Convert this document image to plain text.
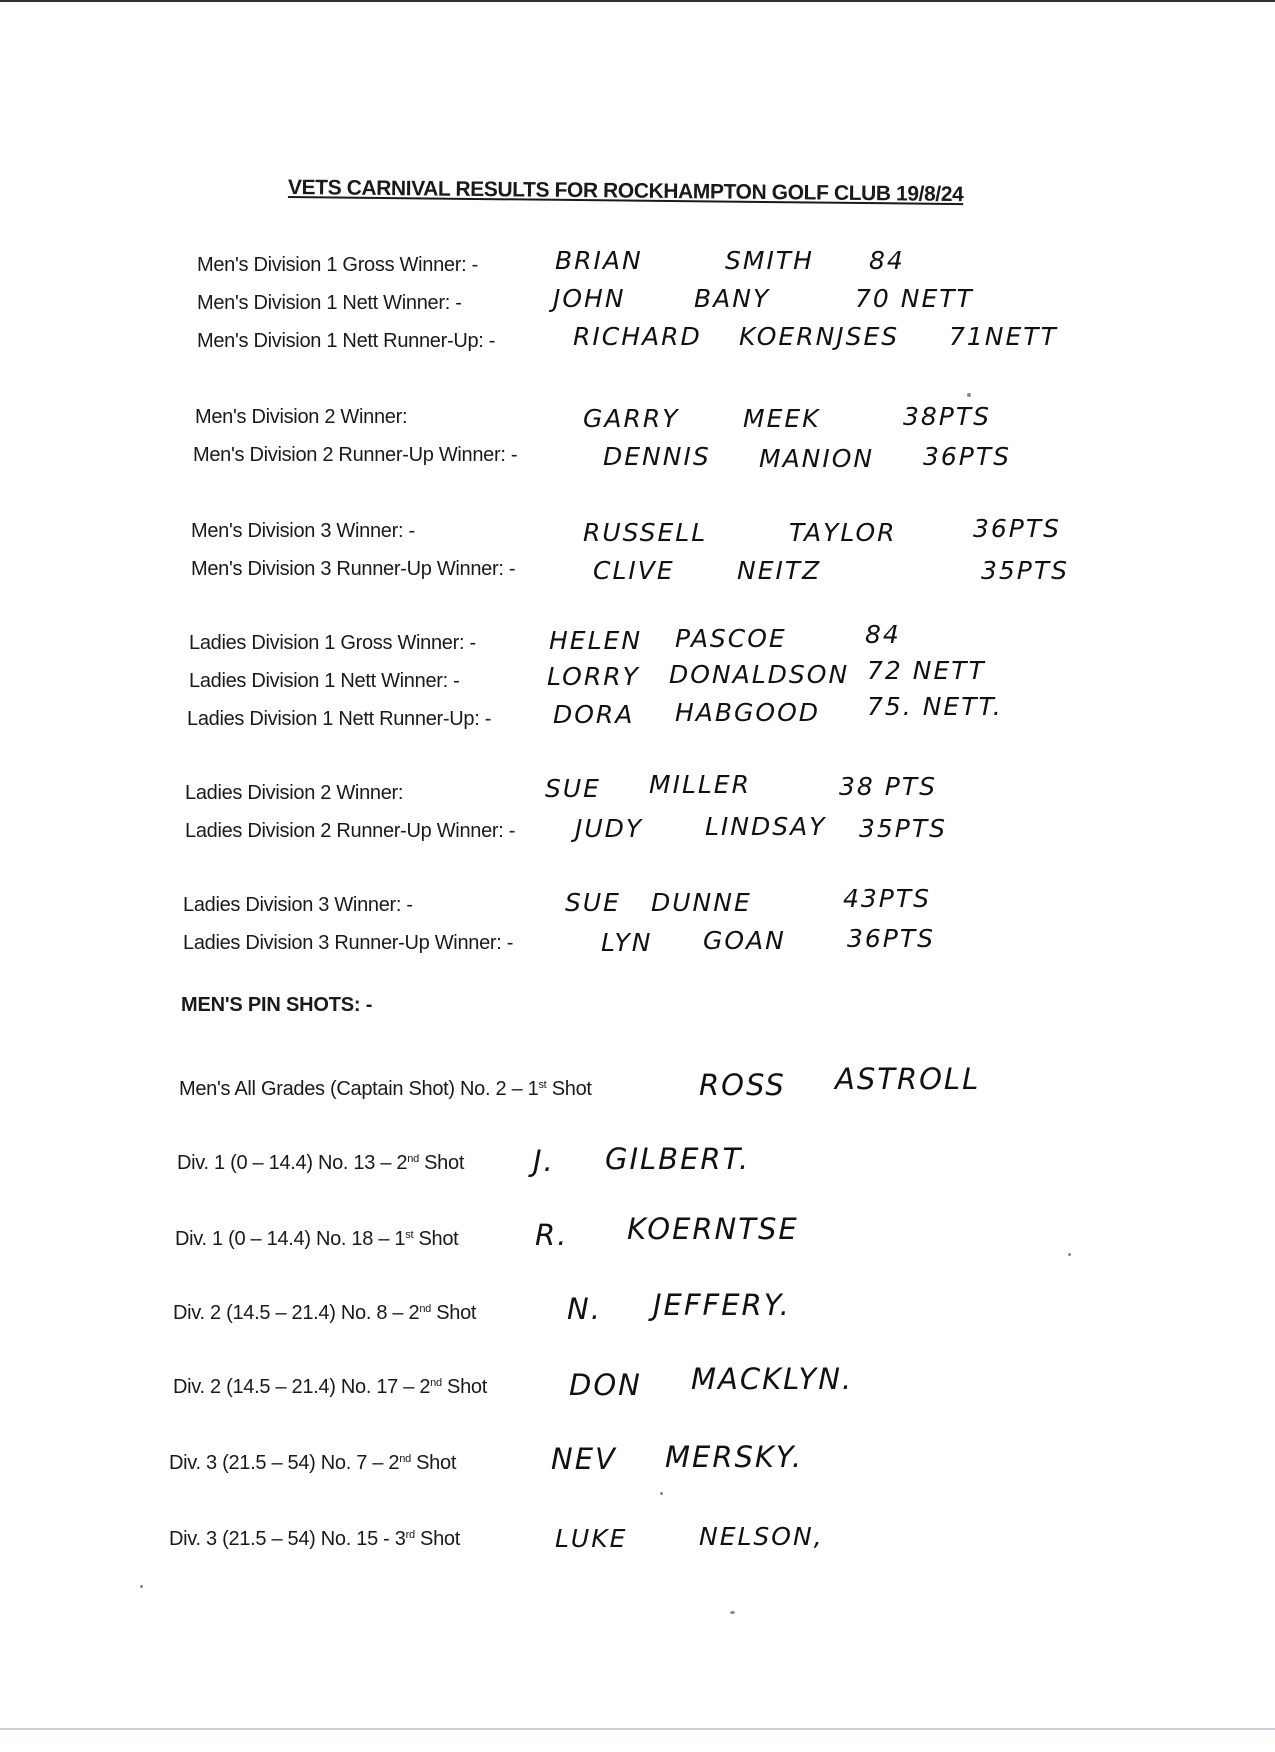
VETS CARNIVAL RESULTS FOR ROCKHAMPTON GOLF CLUB 19/8/24
Men's Division 1 Gross Winner: -	BRIAN	SMITH 84
Men's Division 1 Nett Winner: -	JOHN	BANY	70 NETT
Men's Division 1 Nett Runner-Up: -	RICHARD KOERNJSES 71NETT
Men's Division 2 Winner:	GARRY	MEEK	38PTS
Men's Division 2 Runner-Up Winner: -	DENNIS MANION 36PTS
Men's Division 3 Winner: -	RUSSELL	TAYLOR	36PTS
Men's Division 3 Runner-Up Winner: -	CLIVE NEITZ	35PTS
Ladies Division 1 Gross Winner: -	HELEN PASCOE	84
Ladies Division 1 Nett Winner: -	LORRY DONALDSON 72 NETT
Ladies Division 1 Nett Runner-Up: - DORA HABGOOD 75. NETT.
Ladies Division 2 Winner:	SUE MILLER	38 PTS
Ladies Division 2 Runner-Up Winner: - JUDY LINDSAY 35PTS
Ladies Division 3 Winner: -	SUE DUNNE	43PTS
Ladies Division 3 Runner-Up Winner: -	LYN GOAN 36PTS
MEN'S PIN SHOTS: -
Men's All Grades (Captain Shot) No. 2 – 1st Shot	ROSS ASTROLL
Div. 1 (0 – 14.4) No. 13 – 2nd Shot J. GILBERT.
Div. 1 (0 – 14.4) No. 18 – 1st Shot	R. KOERNTSE
Div. 2 (14.5 – 21.4) No. 8 – 2nd Shot	N. JEFFERY.
Div. 2 (14.5 – 21.4) No. 17 – 2nd Shot	DON MACKLYN.
Div. 3 (21.5 – 54) No. 7 – 2nd Shot	NEV MERSKY.
Div. 3 (21.5 – 54) No. 15 - 3rd Shot	LUKE	NELSON,
